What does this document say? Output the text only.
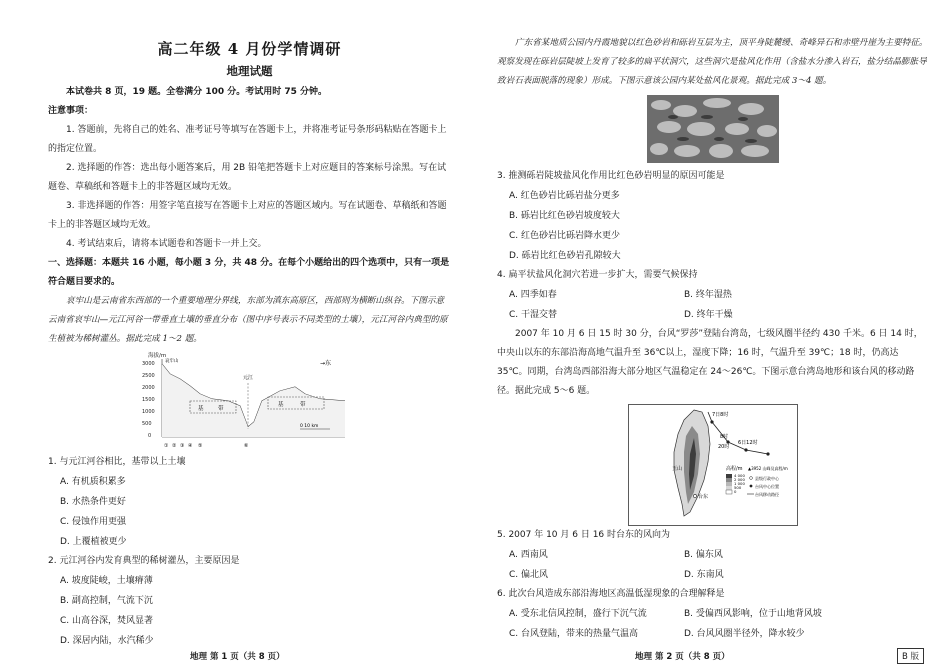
高二年级 4 月份学情调研
地理试题

本试卷共 8 页，19 题。全卷满分 100 分。考试用时 75 分钟。

注意事项：

1. 答题前，先将自己的姓名、准考证号等填写在答题卡上，并将准考证号条形码粘贴在答题卡上的指定位置。

2. 选择题的作答：选出每小题答案后，用 2B 铅笔把答题卡上对应题目的答案标号涂黑。写在试题卷、草稿纸和答题卡上的非答题区域均无效。

3. 非选择题的作答：用签字笔直接写在答题卡上对应的答题区域内。写在试题卷、草稿纸和答题卡上的非答题区域均无效。

4. 考试结束后，请将本试题卷和答题卡一并上交。

一、选择题：本题共 16 小题，每小题 3 分，共 48 分。在每个小题给出的四个选项中，只有一项是符合题目要求的。

哀牢山是云南省东西部的一个重要地理分界线，东部为滇东高原区，西部则为横断山纵谷。下图示意云南省哀牢山—元江河谷一带垂直土壤的垂直分布（图中序号表示不同类型的土壤），元江河谷内典型的原生植被为稀树灌丛。据此完成 1～2 题。

海拔/m
3000
2500
2000
1500
1000
500
0
基	带
基	带
元江
哀牢山	→东
0 10 km
① ② ③ ④ ⑤	⑥

1. 与元江河谷相比，基带以上土壤

A. 有机质积累多

B. 水热条件更好

C. 侵蚀作用更强

D. 上覆植被更少

2. 元江河谷内发育典型的稀树灌丛，主要原因是

A. 坡度陡峻，土壤瘠薄

B. 副高控制，气流下沉

C. 山高谷深，焚风显著

D. 深居内陆，水汽稀少

地理 第 1 页（共 8 页）

广东省某地质公园内丹霞地貌以红色砂岩和砾岩互层为主，顶平身陡麓缓、奇峰异石和赤壁丹崖为主要特征。观察发现在砾岩层陡坡上发育了较多的扁平状洞穴，这些洞穴是盐风化作用（含盐水分渗入岩石，盐分结晶膨胀导致岩石表面脱落的现象）形成。下图示意该公园内某处盐风化景观。据此完成 3～4 题。

3. 推测砾岩陡坡盐风化作用比红色砂岩明显的原因可能是

A. 红色砂岩比砾岩盐分更多

B. 砾岩比红色砂岩坡度较大

C. 红色砂岩比砾岩降水更少

D. 砾岩比红色砂岩孔隙较大

4. 扁平状盐风化洞穴若进一步扩大，需要气候保持

A. 四季如春	B. 终年湿热
C. 干湿交替	D. 终年干燥

2007 年 10 月 6 日 15 时 30 分，台风“罗莎”登陆台湾岛，七级风圈半径约 430 千米。6 日 14 时，中央山以东的东部沿海高地气温升至 36℃以上，湿度下降；16 时，气温升至 39℃；18 时，仍高达 35℃。同期，台湾岛西部沿海大部分地区气温稳定在 24～26℃。下图示意台湾岛地形和该台风的移动路径。据此完成 5～6 题。

7日8时
6日12时
8时
20时
玉山
台东
高程/m
4 000
2 000
1 000
500
0
▲3952 山峰及高程/m
县级行政中心
台风中心位置
台风移动路径

5. 2007 年 10 月 6 日 16 时台东的风向为

A. 西南风	B. 偏东风
C. 偏北风	D. 东南风

6. 此次台风造成东部沿海地区高温低湿现象的合理解释是

A. 受东北信风控制，盛行下沉气流	B. 受偏西风影响，位于山地背风坡
C. 台风登陆，带来的热量气温高	D. 台风风圈半径外，降水较少
地理 第 2 页（共 8 页）	B 版
